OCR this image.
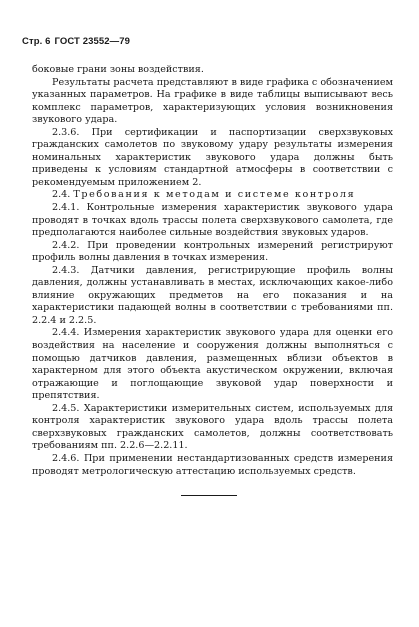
Стр. 6 ГОСТ 23552—79

боковые грани зоны воздействия.

Результаты расчета представляют в виде графика с обозначением указанных параметров. На графике в виде таблицы выписывают весь комплекс параметров, характеризующих условия возникновения звукового удара.

2.3.6. При сертификации и паспортизации сверхзвуковых гражданских самолетов по звуковому удару результаты измерения номинальных характеристик звукового удара должны быть приведены к условиям стандартной атмосферы в соответствии с рекомендуемым приложением 2.

2.4. Требования к методам и системе контроля

2.4.1. Контрольные измерения характеристик звукового удара проводят в точках вдоль трассы полета сверхзвукового самолета, где предполагаются наиболее сильные воздействия звуковых ударов.

2.4.2. При проведении контрольных измерений регистрируют профиль волны давления в точках измерения.

2.4.3. Датчики давления, регистрирующие профиль волны давления, должны устанавливать в местах, исключающих какое-либо влияние окружающих предметов на его показания и на характеристики падающей волны в соответствии с требованиями пп. 2.2.4 и 2.2.5.

2.4.4. Измерения характеристик звукового удара для оценки его воздействия на население и сооружения должны выполняться с помощью датчиков давления, размещенных вблизи объектов в характерном для этого объекта акустическом окружении, включая отражающие и поглощающие звуковой удар поверхности и препятствия.

2.4.5. Характеристики измерительных систем, используемых для контроля характеристик звукового удара вдоль трассы полета сверхзвуковых гражданских самолетов, должны соответствовать требованиям пп. 2.2.6—2.2.11.

2.4.6. При применении нестандартизованных средств измерения проводят метрологическую аттестацию используемых средств.
